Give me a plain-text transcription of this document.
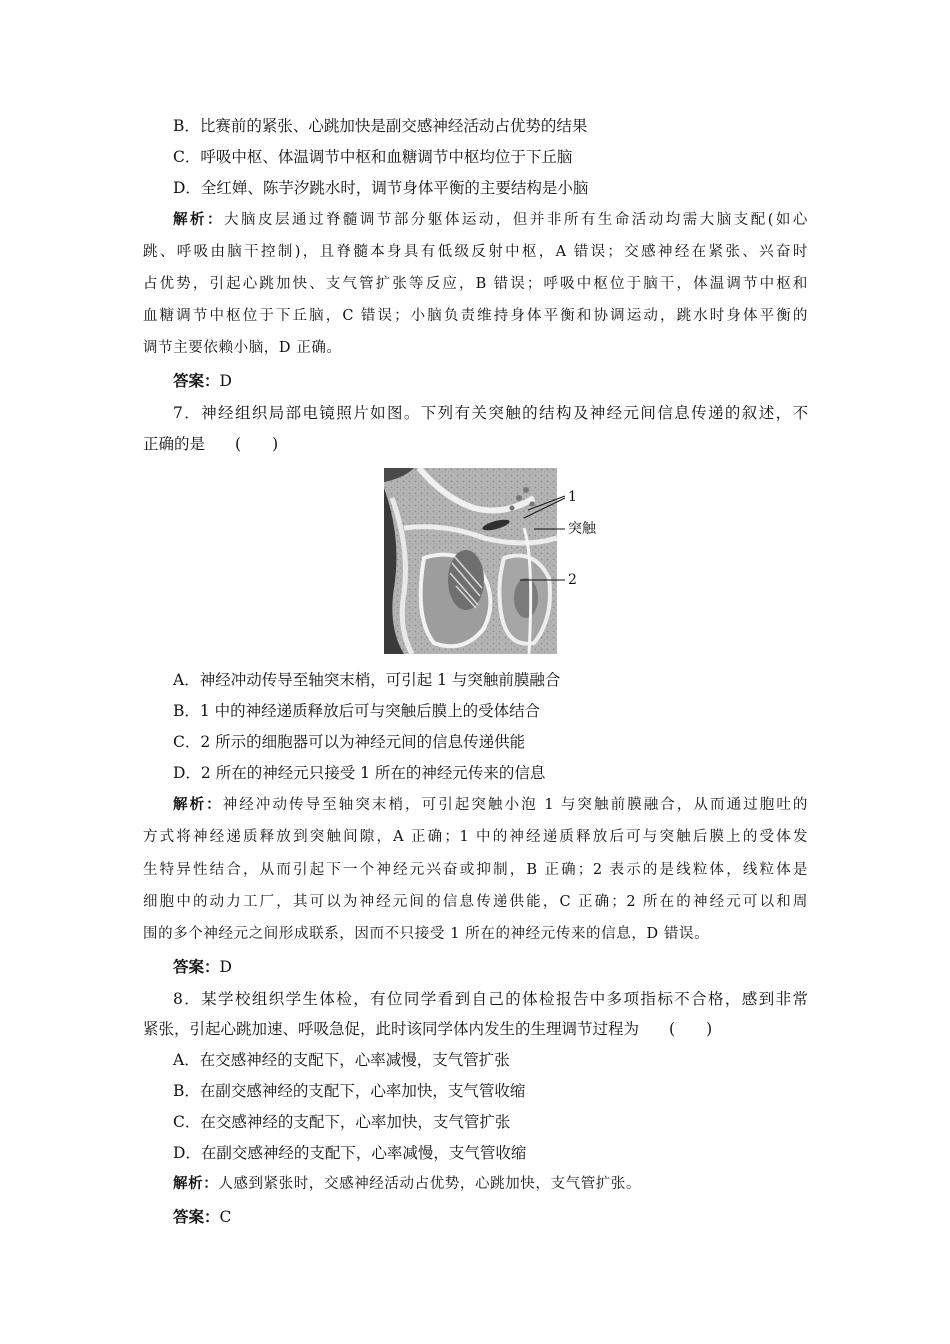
B．比赛前的紧张、心跳加快是副交感神经活动占优势的结果
C．呼吸中枢、体温调节中枢和血糖调节中枢均位于下丘脑
D．全红婵、陈芋汐跳水时，调节身体平衡的主要结构是小脑
解析：大脑皮层通过脊髓调节部分躯体运动，但并非所有生命活动均需大脑支配(如心
跳、呼吸由脑干控制)，且脊髓本身具有低级反射中枢，A 错误；交感神经在紧张、兴奋时
占优势，引起心跳加快、支气管扩张等反应，B 错误；呼吸中枢位于脑干，体温调节中枢和
血糖调节中枢位于下丘脑，C 错误；小脑负责维持身体平衡和协调运动，跳水时身体平衡的
调节主要依赖小脑，D 正确。
答案：D
7．神经组织局部电镜照片如图。下列有关突触的结构及神经元间信息传递的叙述，不
正确的是 (　　)
1
突触
2
A．神经冲动传导至轴突末梢，可引起 1 与突触前膜融合
B．1 中的神经递质释放后可与突触后膜上的受体结合
C．2 所示的细胞器可以为神经元间的信息传递供能
D．2 所在的神经元只接受 1 所在的神经元传来的信息
解析：神经冲动传导至轴突末梢，可引起突触小泡 1 与突触前膜融合，从而通过胞吐的
方式将神经递质释放到突触间隙，A 正确；1 中的神经递质释放后可与突触后膜上的受体发
生特异性结合，从而引起下一个神经元兴奋或抑制，B 正确；2 表示的是线粒体，线粒体是
细胞中的动力工厂，其可以为神经元间的信息传递供能，C 正确；2 所在的神经元可以和周
围的多个神经元之间形成联系，因而不只接受 1 所在的神经元传来的信息，D 错误。
答案：D
8．某学校组织学生体检，有位同学看到自己的体检报告中多项指标不合格，感到非常
紧张，引起心跳加速、呼吸急促，此时该同学体内发生的生理调节过程为 (　　)
A．在交感神经的支配下，心率减慢，支气管扩张
B．在副交感神经的支配下，心率加快，支气管收缩
C．在交感神经的支配下，心率加快，支气管扩张
D．在副交感神经的支配下，心率减慢，支气管收缩
解析：人感到紧张时，交感神经活动占优势，心跳加快，支气管扩张。
答案：C
